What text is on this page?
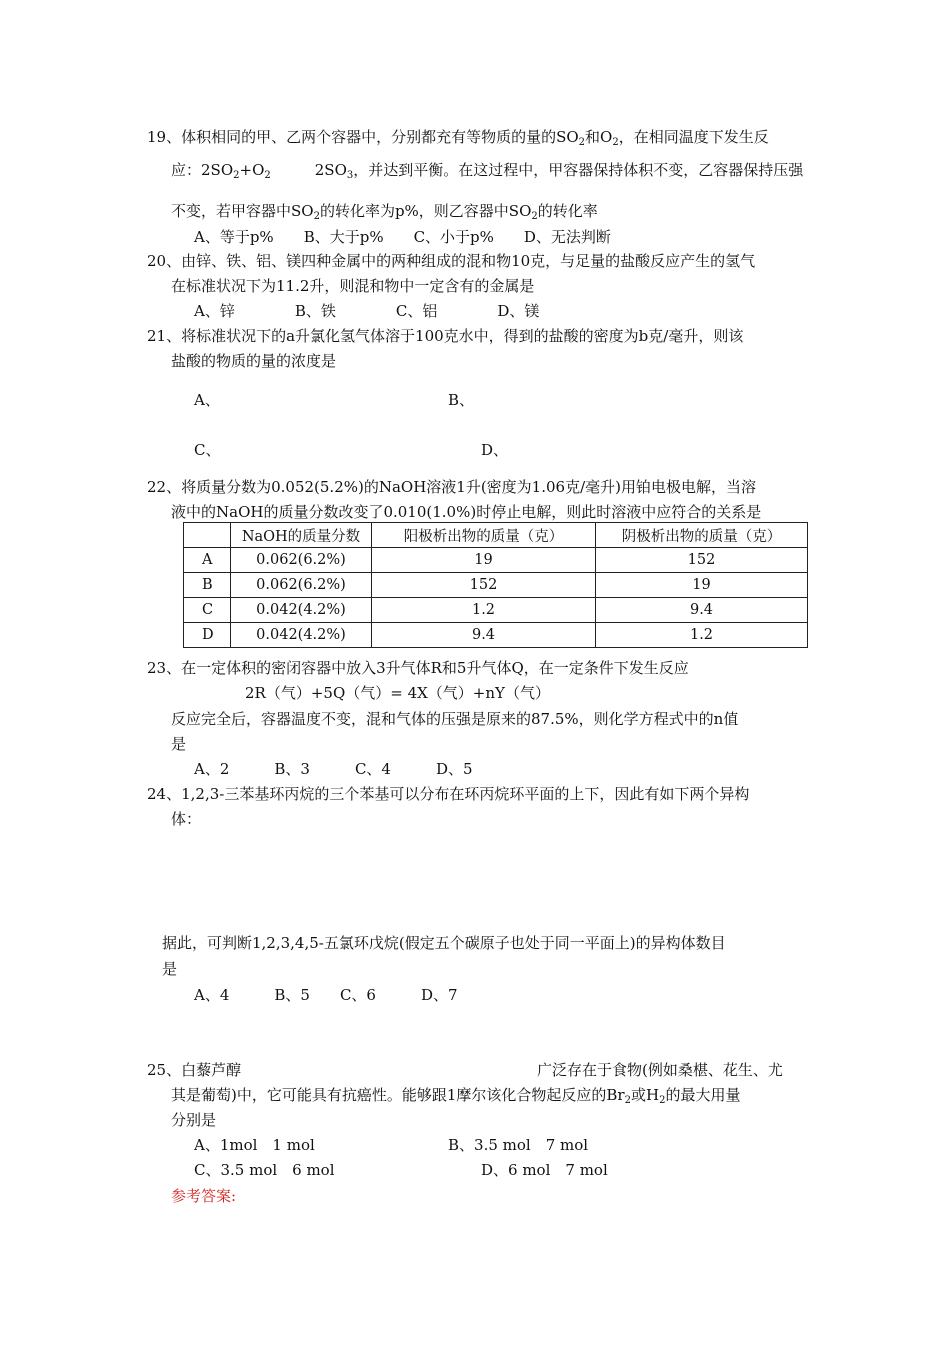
19、体积相同的甲、乙两个容器中，分别都充有等物质的量的$SO_2$和$O_2$，在相同温度下发生反
应：$2SO_2+O_2$	$2SO_3$，并达到平衡。在这过程中，甲容器保持体积不变，乙容器保持压强
不变，若甲容器中$SO_2$的转化率为p%，则乙容器中$SO_2$的转化率
A、等于p%　　B、大于p%　　C、小于p%　　D、无法判断
20、由锌、铁、铝、镁四种金属中的两种组成的混和物10克，与足量的盐酸反应产生的氢气
在标准状况下为11.2升，则混和物中一定含有的金属是
A、锌　　　　B、铁　　　　C、铝　　　　D、镁
21、将标准状况下的a升氯化氢气体溶于100克水中，得到的盐酸的密度为b克/毫升，则该
盐酸的物质的量的浓度是
A、	B、
C、	D、
22、将质量分数为0.052(5.2%)的NaOH溶液1升(密度为1.06克/毫升)用铂电极电解，当溶
液中的NaOH的质量分数改变了0.010(1.0%)时停止电解，则此时溶液中应符合的关系是
	NaOH的质量分数	阳极析出物的质量（克）	阴极析出物的质量（克）
A	0.062(6.2%)	19	152
B	0.062(6.2%)	152	19
C	0.042(4.2%)	1.2	9.4
D	0.042(4.2%)	9.4	1.2
23、在一定体积的密闭容器中放入3升气体R和5升气体Q，在一定条件下发生反应
2R（气）+5Q（气）= 4X（气）+nY（气）
反应完全后，容器温度不变，混和气体的压强是原来的87.5%，则化学方程式中的n值
是
A、2　　　B、3　　　C、4　　　D、5
24、1,2,3-三苯基环丙烷的三个苯基可以分布在环丙烷环平面的上下，因此有如下两个异构
体：
据此，可判断1,2,3,4,5-五氯环戊烷(假定五个碳原子也处于同一平面上)的异构体数目
是
A、4　　　B、5　　C、6　　　D、7
25、白藜芦醇	广泛存在于食物(例如桑椹、花生、尤
其是葡萄)中，它可能具有抗癌性。能够跟1摩尔该化合物起反应的$Br_2$或$H_2$的最大用量
分别是
A、1mol　1 mol	B、3.5 mol　7 mol
C、3.5 mol　6 mol	D、6 mol　7 mol
参考答案:
